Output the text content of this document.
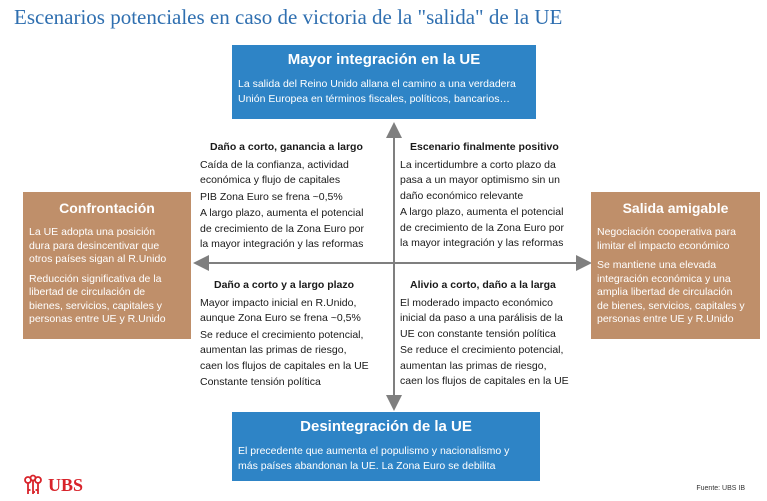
Escenarios potenciales en caso de victoria de la "salida" de la UE
Mayor integración en la UE

La salida del Reino Unido allana el camino a una verdadera

Unión Europea en términos fiscales, políticos, bancarios…

Desintegración de la UE

El precedente que aumenta el populismo y nacionalismo y

más países abandonan la UE. La Zona Euro se debilita

Confrontación

La UE adopta una posición

dura para desincentivar que

otros países sigan al R.Unido

Reducción significativa de la

libertad de circulación de

bienes, servicios, capitales y

personas entre UE y R.Unido

Salida amigable

Negociación cooperativa para

limitar el impacto económico

Se mantiene una elevada

integración económica y una

amplia libertad de circulación

de bienes, servicios, capitales y

personas entre UE y R.Unido

Daño a corto, ganancia a largo

Caída de la confianza, actividad

económica y flujo de capitales

PIB Zona Euro se frena ~0,5%

A largo plazo, aumenta el potencial

de crecimiento de la Zona Euro por

la mayor integración y las reformas

Escenario finalmente positivo

La incertidumbre a corto plazo da

pasa a un mayor optimismo sin un

daño económico relevante

A largo plazo, aumenta el potencial

de crecimiento de la Zona Euro por

la mayor integración y las reformas

Daño a corto y a largo plazo

Mayor impacto inicial en R.Unido,

aunque Zona Euro se frena ~0,5%

Se reduce el crecimiento potencial,

aumentan las primas de riesgo,

caen los flujos de capitales en la UE

Constante tensión política

Alivio a corto, daño a la larga

El moderado impacto económico

inicial da paso a una parálisis de la

UE con constante tensión política

Se reduce el crecimiento potencial,

aumentan las primas de riesgo,

caen los flujos de capitales en la UE

UBS	Fuente: UBS IB
